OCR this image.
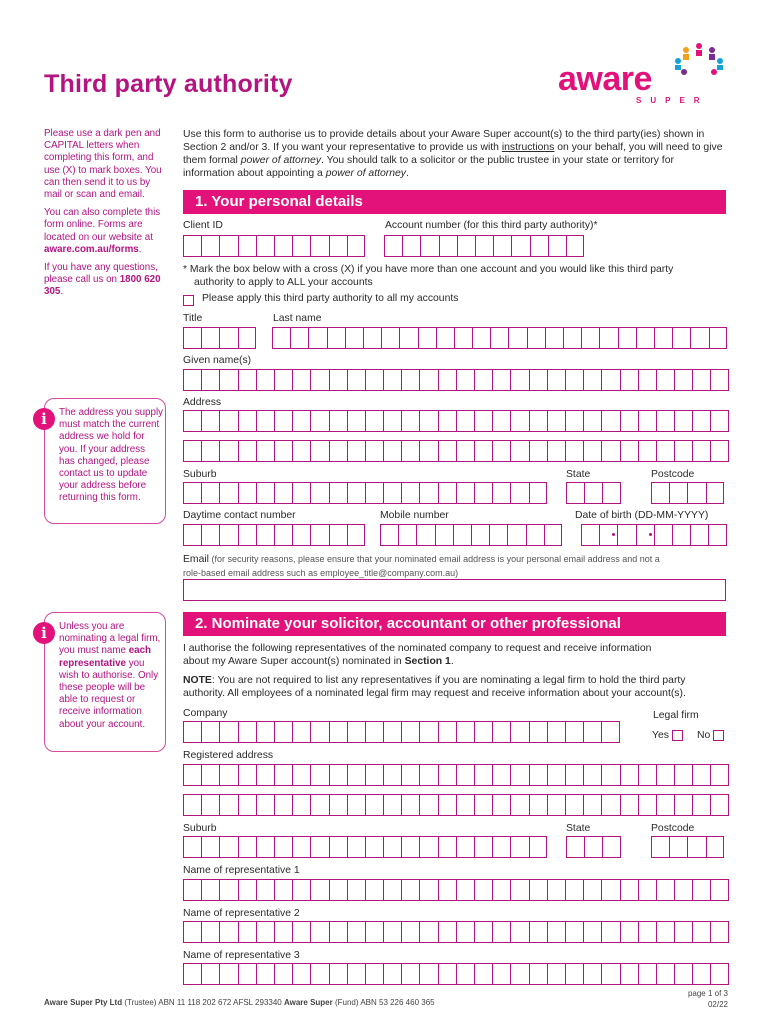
Third party authority	aware
SUPER

Please use a dark pen and CAPITAL letters when completing this form, and use (X) to mark boxes. You can then send it to us by mail or scan and email.

You can also complete this form online. Forms are located on our website at aware.com.au/forms.

If you have any questions, please call us on 1800 620 305.

Use this form to authorise us to provide details about your Aware Super account(s) to the third party(ies) shown in Section 2 and/or 3. If you want your representative to provide us with instructions on your behalf, you will need to give them formal power of attorney. You should talk to a solicitor or the public trustee in your state or territory for information about appointing a power of attorney.
1. Your personal details
Client ID	Account number (for this third party authority)*
* Mark the box below with a cross (X) if you have more than one account and you would like this third party
authority to apply to ALL your accounts
Please apply this third party authority to all my accounts
Title	Last name
Given name(s)
Address
Suburb	State	Postcode
Daytime contact number	Mobile number	Date of birth (DD-MM-YYYY)
Email (for security reasons, please ensure that your nominated email address is your personal email address and not a
role-based email address such as employee_title@company.com.au)
The address you supply must match the current address we hold for you. If your address has changed, please contact us to update your address before returning this form.
i
Unless you are nominating a legal firm, you must name each representative you wish to authorise. Only these people will be able to request or receive information about your account.
i
2. Nominate your solicitor, accountant or other professional
I authorise the following representatives of the nominated company to request and receive information
about my Aware Super account(s) nominated in Section 1.
NOTE: You are not required to list any representatives if you are nominating a legal firm to hold the third party
authority. All employees of a nominated legal firm may request and receive information about your account(s).
Company	Legal firm
Yes	No
Registered address
Suburb	State	Postcode
Name of representative 1
Name of representative 2
Name of representative 3
Aware Super Pty Ltd (Trustee) ABN 11 118 202 672 AFSL 293340 Aware Super (Fund) ABN 53 226 460 365
page 1 of 3
02/22
